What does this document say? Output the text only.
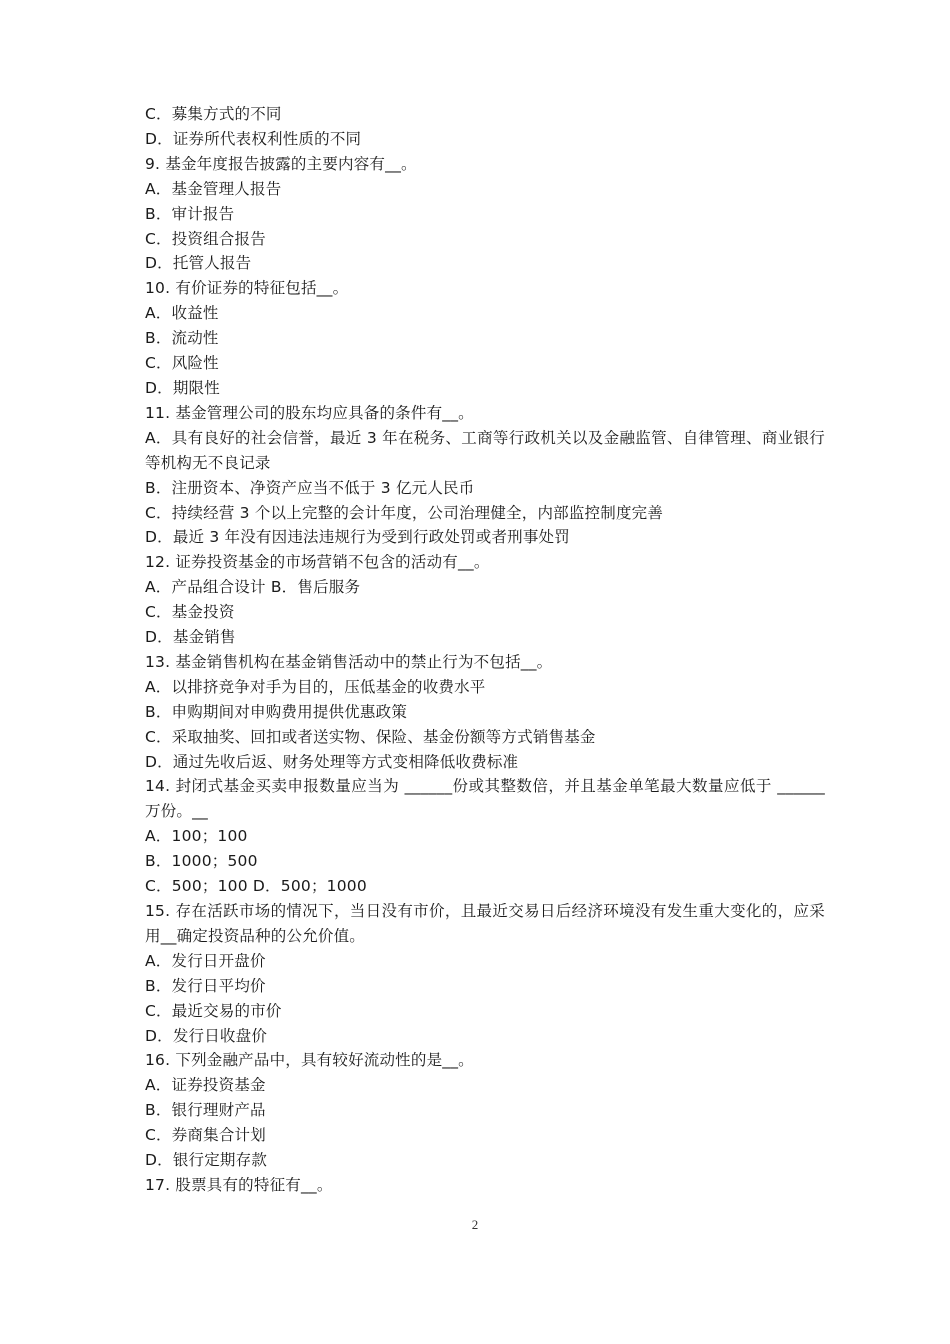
C．募集方式的不同
D．证券所代表权利性质的不同
9. 基金年度报告披露的主要内容有__。
A．基金管理人报告
B．审计报告
C．投资组合报告
D．托管人报告
10. 有价证券的特征包括__。
A．收益性
B．流动性
C．风险性
D．期限性
11. 基金管理公司的股东均应具备的条件有__。
A．具有良好的社会信誉，最近 3 年在税务、工商等行政机关以及金融监管、自律管理、商业银行等机构无不良记录
B．注册资本、净资产应当不低于 3 亿元人民币
C．持续经营 3 个以上完整的会计年度，公司治理健全，内部监控制度完善
D．最近 3 年没有因违法违规行为受到行政处罚或者刑事处罚
12. 证券投资基金的市场营销不包含的活动有__。
A．产品组合设计 B．售后服务
C．基金投资
D．基金销售
13. 基金销售机构在基金销售活动中的禁止行为不包括__。
A．以排挤竞争对手为目的，压低基金的收费水平
B．申购期间对申购费用提供优惠政策
C．采取抽奖、回扣或者送实物、保险、基金份额等方式销售基金
D．通过先收后返、财务处理等方式变相降低收费标准
14. 封闭式基金买卖申报数量应当为 ______份或其整数倍，并且基金单笔最大数量应低于 ______万份。__
A．100；100
B．1000；500
C．500；100 D．500；1000
15. 存在活跃市场的情况下，当日没有市价，且最近交易日后经济环境没有发生重大变化的，应采用__确定投资品种的公允价值。
A．发行日开盘价
B．发行日平均价
C．最近交易的市价
D．发行日收盘价
16. 下列金融产品中，具有较好流动性的是__。
A．证券投资基金
B．银行理财产品
C．券商集合计划
D．银行定期存款
17. 股票具有的特征有__。
2
